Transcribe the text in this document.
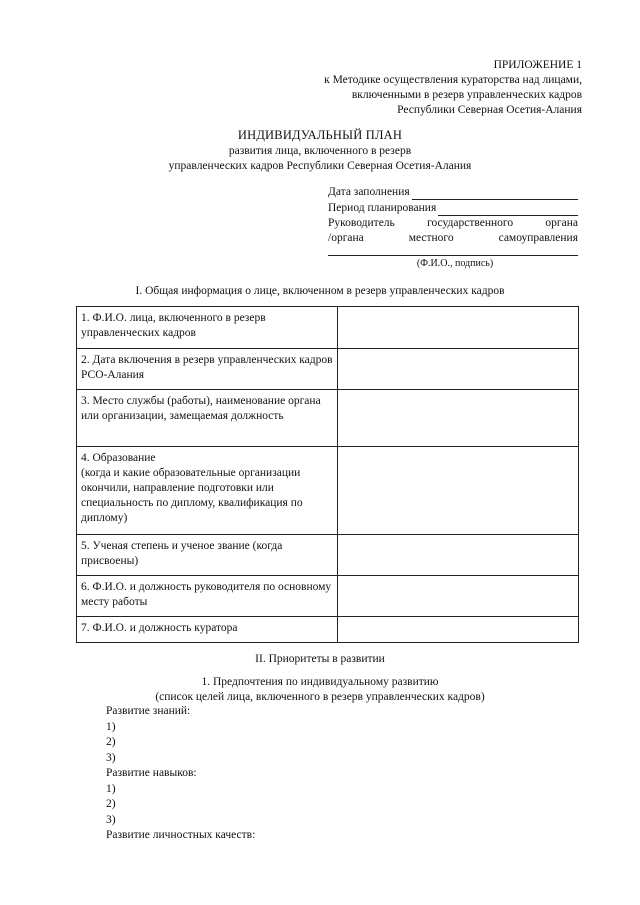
ПРИЛОЖЕНИЕ 1
к Методике осуществления кураторства над лицами,
включенными в резерв управленческих кадров
Республики Северная Осетия-Алания
ИНДИВИДУАЛЬНЫЙ ПЛАН
развития лица, включенного в резерв
управленческих кадров Республики Северная Осетия-Алания
Дата заполнения
Период планирования
Руководитель	государственного	органа
/органа	местного	самоуправления
(Ф.И.О., подпись)
I. Общая информация о лице, включенном в резерв управленческих кадров
1. Ф.И.О. лица, включенного в резерв управленческих кадров	
2. Дата включения в резерв управленческих кадров РСО-Алания	
3. Место службы (работы), наименование органа или организации, замещаемая должность	
4. Образование
(когда и какие образовательные организации окончили, направление подготовки или специальность по диплому, квалификация по диплому)	
5. Ученая степень и ученое звание (когда присвоены)	
6. Ф.И.О. и должность руководителя по основному месту работы	
7. Ф.И.О. и должность куратора	
II. Приоритеты в развитии
1. Предпочтения по индивидуальному развитию
(список целей лица, включенного в резерв управленческих кадров)
Развитие знаний:
1)
2)
3)
Развитие навыков:
1)
2)
3)
Развитие личностных качеств:
